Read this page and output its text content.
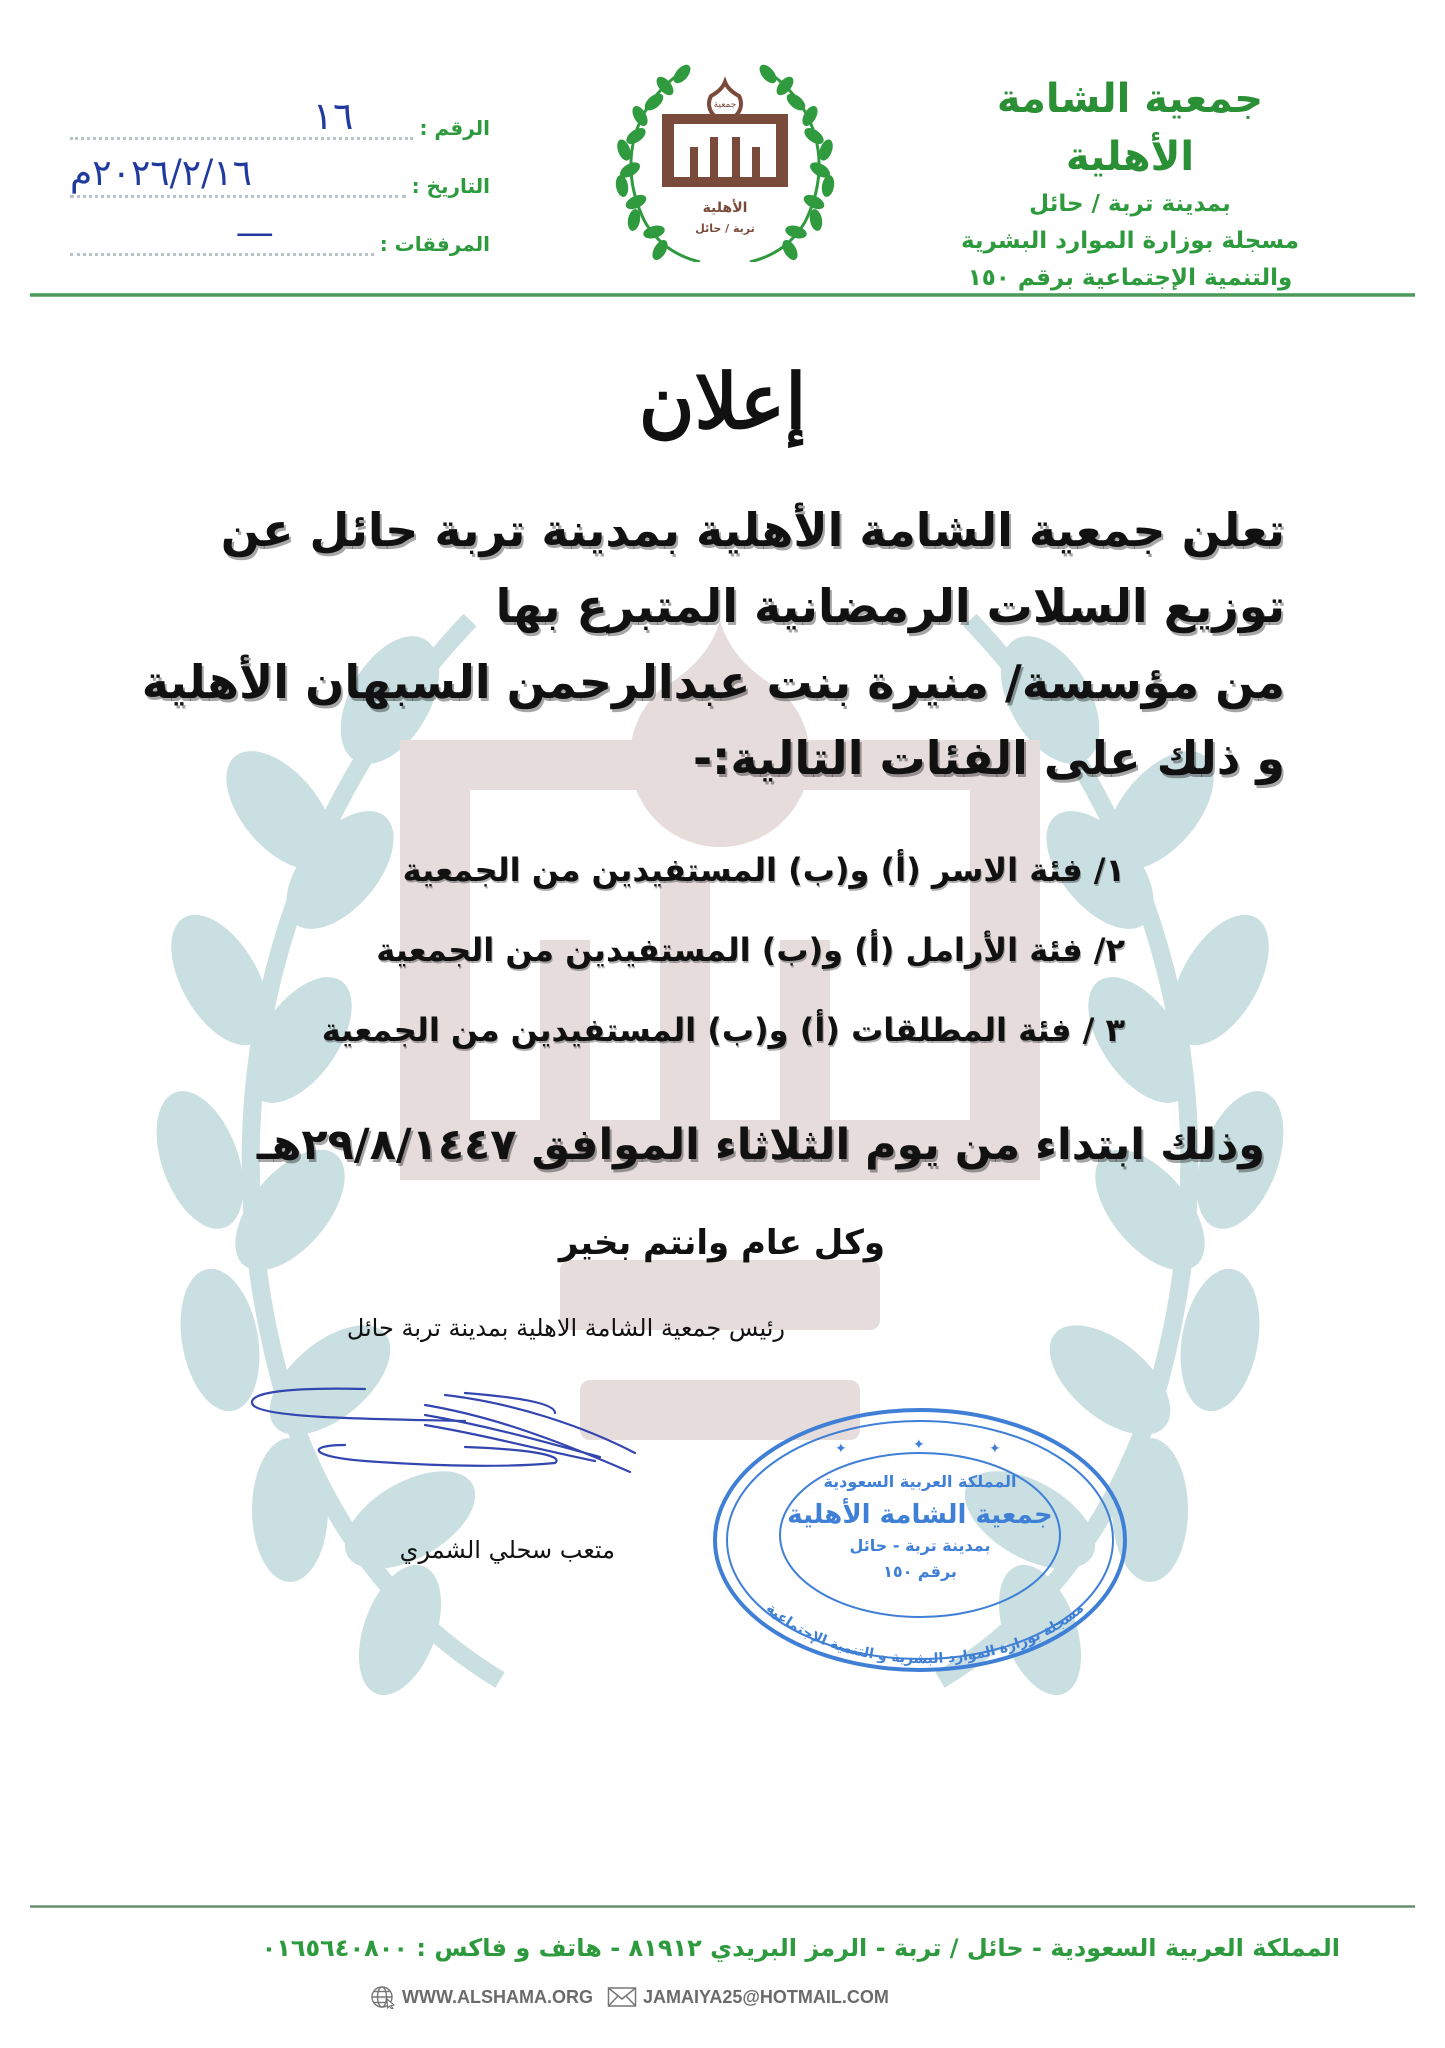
جمعية الشامة الأهلية
بمدينة تربة / حائل
مسجلة بوزارة الموارد البشرية
والتنمية الإجتماعية برقم ١٥٠
جمعية
الأهلية
تربة / حائل
الرقم :
١٦
التاريخ :
٢٠٢٦/٢/١٦م
المرفقات :
—
إعلان
تعلن جمعية الشامة الأهلية بمدينة تربة حائل عن
توزيع السلات الرمضانية المتبرع بها
من مؤسسة/ منيرة بنت عبدالرحمن السبهان الأهلية
و ذلك على الفئات التالية:-
١/ فئة الاسر (أ) و(ب) المستفيدين من الجمعية
٢/ فئة الأرامل (أ) و(ب) المستفيدين من الجمعية
٣ / فئة المطلقات (أ) و(ب) المستفيدين من الجمعية
وذلك ابتداء من يوم الثلاثاء الموافق ٢٩/٨/١٤٤٧هـ
وكل عام وانتم بخير
رئيس جمعية الشامة الاهلية بمدينة تربة حائل
متعب سحلي الشمري
✦	✦	✦
المملكة العربية السعودية
جمعية الشامة الأهلية
بمدينة تربة - حائل
برقم ١٥٠
مسجلة بوزارة الموارد البشرية و التنمية الإجتماعية
المملكة العربية السعودية - حائل / تربة - الرمز البريدي ٨١٩١٢ - هاتف و فاكس : ٠١٦٥٦٤٠٨٠٠
WWW.ALSHAMA.ORG	JAMAIYA25@HOTMAIL.COM
